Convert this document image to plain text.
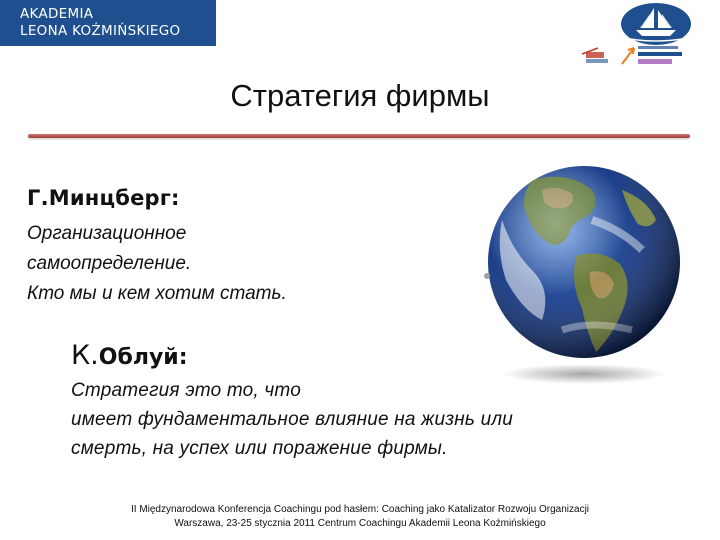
AKADEMIA
LEONA KOŹMIŃSKIEGO
Стратегия фирмы
Г.Минцберг:
Организационное
самоопределение.
Кто мы и кем хотим стать.
К.Облуй:
Стратегия это то, что
имеет фундаментальное влияние на жизнь или
смерть, на успех или поражение фирмы.
II Międzynarodowa Konferencja Coachingu pod hasłem: Coaching jako Katalizator Rozwoju Organizacji
Warszawa, 23-25 stycznia 2011 Centrum Coachingu Akademii Leona Koźmińskiego
